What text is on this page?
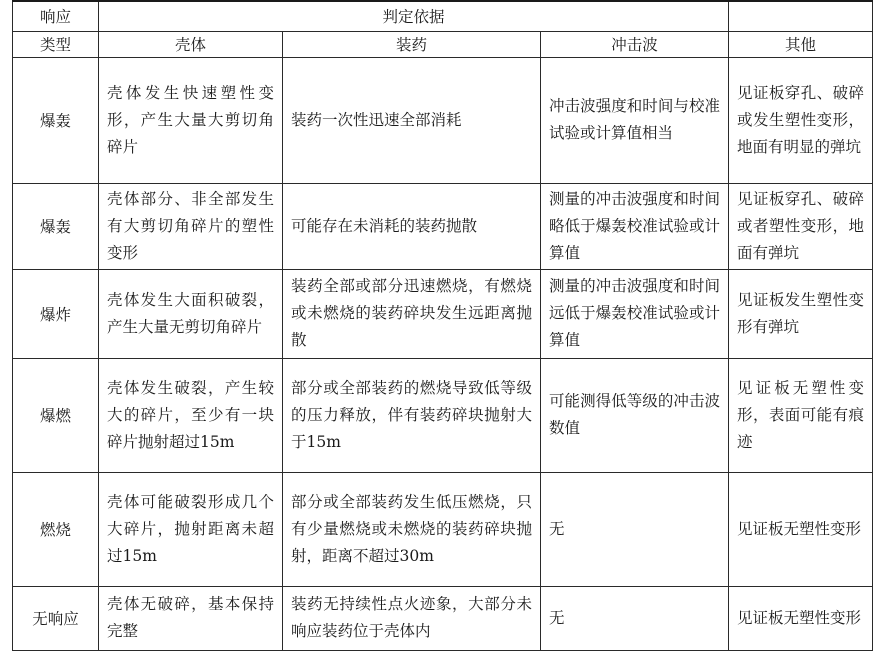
响应	判定依据			
类型	壳体	装药	冲击波	其他
爆轰	壳体发生快速塑性变形，产生大量大剪切角碎片	装药一次性迅速全部消耗	冲击波强度和时间与校准试验或计算值相当	见证板穿孔、破碎或发生塑性变形，地面有明显的弹坑
爆轰	壳体部分、非全部发生有大剪切角碎片的塑性变形	可能存在未消耗的装药抛散	测量的冲击波强度和时间略低于爆轰校准试验或计算值	见证板穿孔、破碎或者塑性变形，地面有弹坑
爆炸	壳体发生大面积破裂，产生大量无剪切角碎片	装药全部或部分迅速燃烧，有燃烧或未燃烧的装药碎块发生远距离抛散	测量的冲击波强度和时间远低于爆轰校准试验或计算值	见证板发生塑性变形有弹坑
爆燃	壳体发生破裂，产生较大的碎片，至少有一块碎片抛射超过15m	部分或全部装药的燃烧导致低等级的压力释放，伴有装药碎块抛射大于15m	可能测得低等级的冲击波数值	见证板无塑性变形，表面可能有痕迹
燃烧	壳体可能破裂形成几个大碎片，抛射距离未超过15m	部分或全部装药发生低压燃烧，只有少量燃烧或未燃烧的装药碎块抛射，距离不超过30m	无	见证板无塑性变形
无响应	壳体无破碎，基本保持完整	装药无持续性点火迹象，大部分未响应装药位于壳体内	无	见证板无塑性变形
